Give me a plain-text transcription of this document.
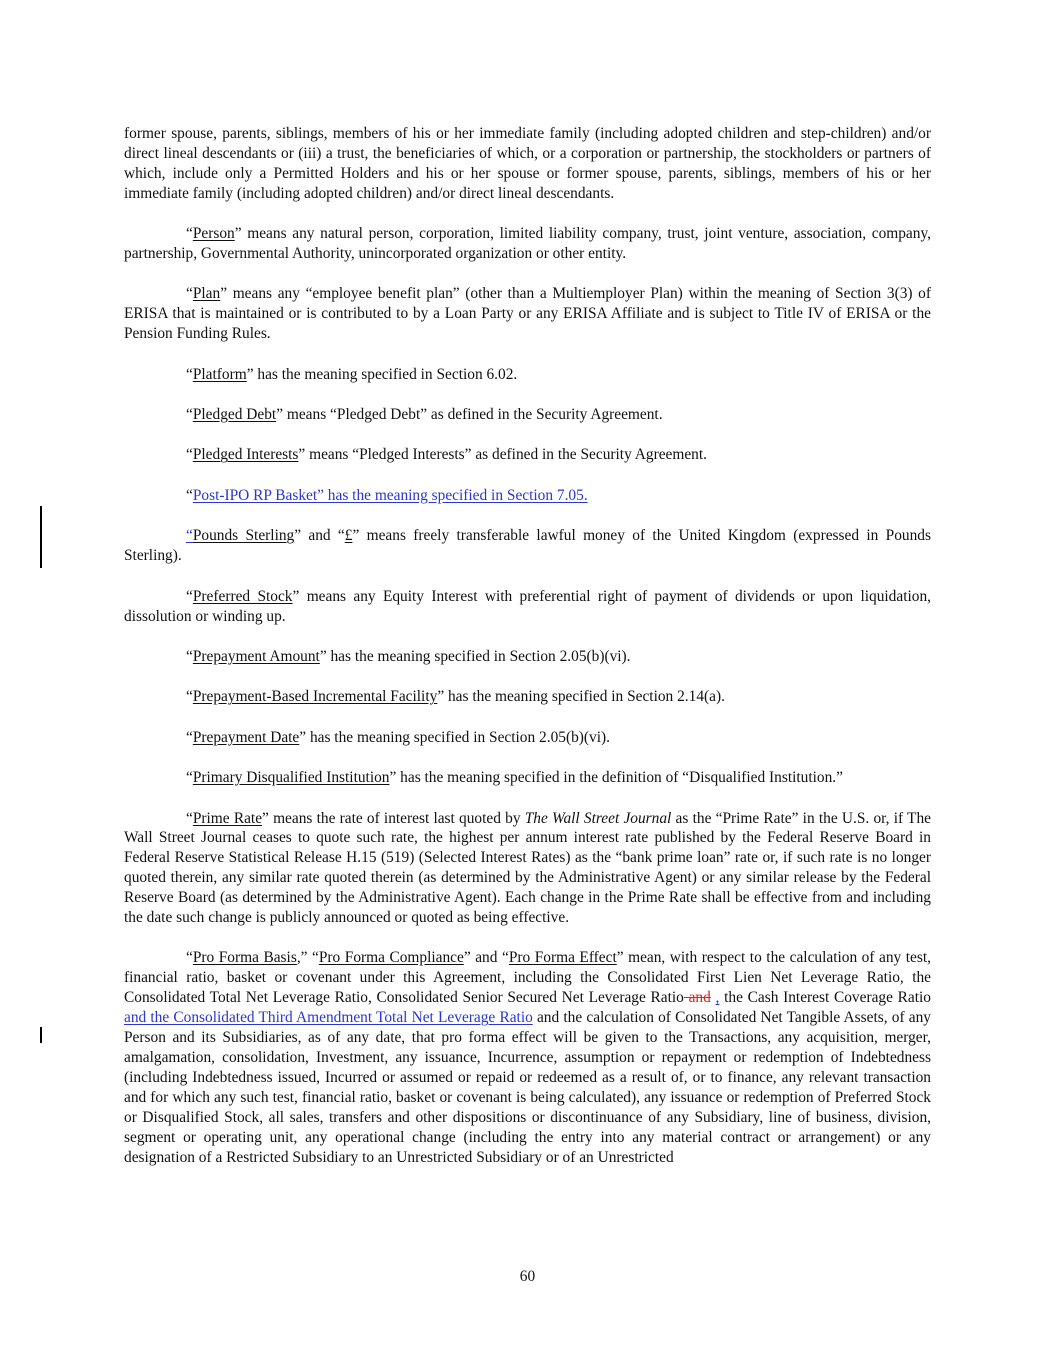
former spouse, parents, siblings, members of his or her immediate family (including adopted children and step-children) and/or direct lineal descendants or (iii) a trust, the beneficiaries of which, or a corporation or partnership, the stockholders or partners of which, include only a Permitted Holders and his or her spouse or former spouse, parents, siblings, members of his or her immediate family (including adopted children) and/or direct lineal descendants.

“Person” means any natural person, corporation, limited liability company, trust, joint venture, association, company, partnership, Governmental Authority, unincorporated organization or other entity.

“Plan” means any “employee benefit plan” (other than a Multiemployer Plan) within the meaning of Section 3(3) of ERISA that is maintained or is contributed to by a Loan Party or any ERISA Affiliate and is subject to Title IV of ERISA or the Pension Funding Rules.

“Platform” has the meaning specified in Section 6.02.

“Pledged Debt” means “Pledged Debt” as defined in the Security Agreement.

“Pledged Interests” means “Pledged Interests” as defined in the Security Agreement.

“Post-IPO RP Basket” has the meaning specified in Section 7.05.

“Pounds Sterling” and “£” means freely transferable lawful money of the United Kingdom (expressed in Pounds Sterling).

“Preferred Stock” means any Equity Interest with preferential right of payment of dividends or upon liquidation, dissolution or winding up.

“Prepayment Amount” has the meaning specified in Section 2.05(b)(vi).

“Prepayment-Based Incremental Facility” has the meaning specified in Section 2.14(a).

“Prepayment Date” has the meaning specified in Section 2.05(b)(vi).

“Primary Disqualified Institution” has the meaning specified in the definition of “Disqualified Institution.”

“Prime Rate” means the rate of interest last quoted by The Wall Street Journal as the “Prime Rate” in the U.S. or, if The Wall Street Journal ceases to quote such rate, the highest per annum interest rate published by the Federal Reserve Board in Federal Reserve Statistical Release H.15 (519) (Selected Interest Rates) as the “bank prime loan” rate or, if such rate is no longer quoted therein, any similar rate quoted therein (as determined by the Administrative Agent) or any similar release by the Federal Reserve Board (as determined by the Administrative Agent). Each change in the Prime Rate shall be effective from and including the date such change is publicly announced or quoted as being effective.

“Pro Forma Basis,” “Pro Forma Compliance” and “Pro Forma Effect” mean, with respect to the calculation of any test, financial ratio, basket or covenant under this Agreement, including the Consolidated First Lien Net Leverage Ratio, the Consolidated Total Net Leverage Ratio, Consolidated Senior Secured Net Leverage Ratio and , the Cash Interest Coverage Ratio and the Consolidated Third Amendment Total Net Leverage Ratio and the calculation of Consolidated Net Tangible Assets, of any Person and its Subsidiaries, as of any date, that pro forma effect will be given to the Transactions, any acquisition, merger, amalgamation, consolidation, Investment, any issuance, Incurrence, assumption or repayment or redemption of Indebtedness (including Indebtedness issued, Incurred or assumed or repaid or redeemed as a result of, or to finance, any relevant transaction and for which any such test, financial ratio, basket or covenant is being calculated), any issuance or redemption of Preferred Stock or Disqualified Stock, all sales, transfers and other dispositions or discontinuance of any Subsidiary, line of business, division, segment or operating unit, any operational change (including the entry into any material contract or arrangement) or any designation of a Restricted Subsidiary to an Unrestricted Subsidiary or of an Unrestricted

60
